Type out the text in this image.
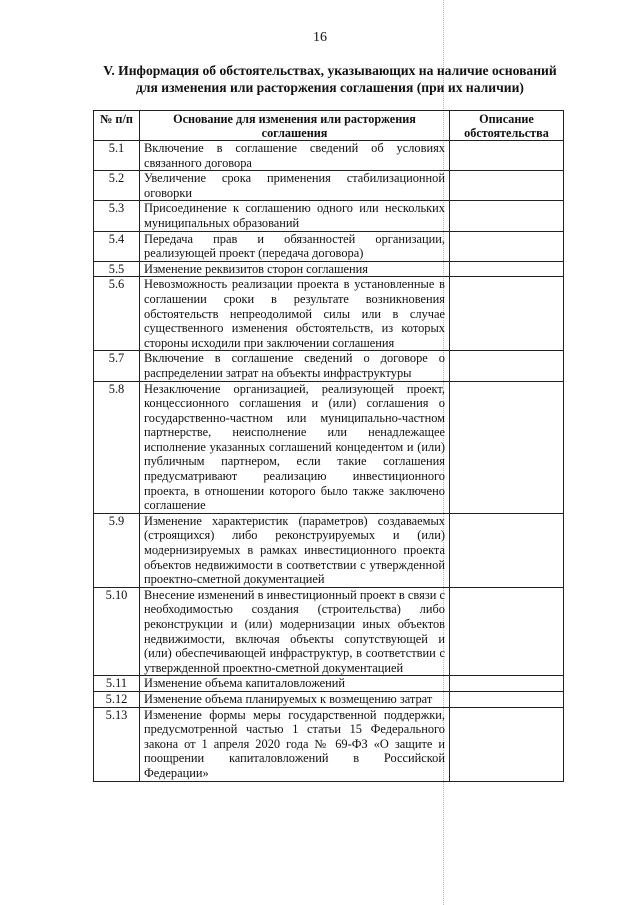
16
V. Информация об обстоятельствах, указывающих на наличие оснований
для изменения или расторжения соглашения (при их наличии)
№ п/п	Основание для изменения или расторжения соглашения	Описание обстоятельства
5.1	Включение в соглашение сведений об условиях связанного договора	
5.2	Увеличение срока применения стабилизационной оговорки	
5.3	Присоединение к соглашению одного или нескольких муниципальных образований	
5.4	Передача прав и обязанностей организации, реализующей проект (передача договора)	
5.5	Изменение реквизитов сторон соглашения	
5.6	Невозможность реализации проекта в установленные в соглашении сроки в результате возникновения обстоятельств непреодолимой силы или в случае существенного изменения обстоятельств, из которых стороны исходили при заключении соглашения	
5.7	Включение в соглашение сведений о договоре о распределении затрат на объекты инфраструктуры	
5.8	Незаключение организацией, реализующей проект, концессионного соглашения и (или) соглашения о государственно-частном или муниципально-частном партнерстве, неисполнение или ненадлежащее исполнение указанных соглашений концедентом и (или) публичным партнером, если такие соглашения предусматривают реализацию инвестиционного проекта, в отношении которого было также заключено соглашение	
5.9	Изменение характеристик (параметров) создаваемых (строящихся) либо реконструируемых и (или) модернизируемых в рамках инвестиционного проекта объектов недвижимости в соответствии с утвержденной проектно-сметной документацией	
5.10	Внесение изменений в инвестиционный проект в связи с необходимостью создания (строительства) либо реконструкции и (или) модернизации иных объектов недвижимости, включая объекты сопутствующей и (или) обеспечивающей инфраструктур, в соответствии с утвержденной проектно-сметной документацией	
5.11	Изменение объема капиталовложений	
5.12	Изменение объема планируемых к возмещению затрат	
5.13	Изменение формы меры государственной поддержки, предусмотренной частью 1 статьи 15 Федерального закона от 1 апреля 2020 года № 69-ФЗ «О защите и поощрении капиталовложений в Российской Федерации»	
